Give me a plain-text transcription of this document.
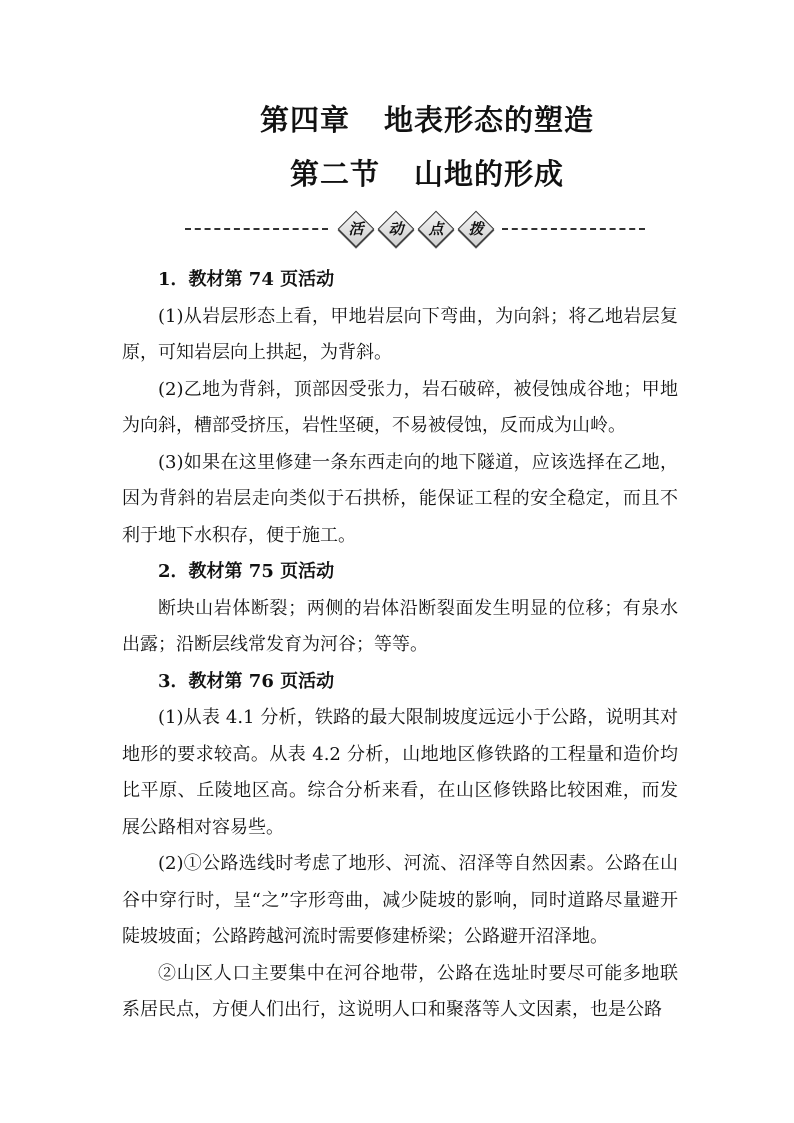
第四章 地表形态的塑造
第二节 山地的形成
活	动	点	拨

1．教材第 74 页活动

(1)从岩层形态上看，甲地岩层向下弯曲，为向斜；将乙地岩层复原，可知岩层向上拱起，为背斜。

(2)乙地为背斜，顶部因受张力，岩石破碎，被侵蚀成谷地；甲地为向斜，槽部受挤压，岩性坚硬，不易被侵蚀，反而成为山岭。

(3)如果在这里修建一条东西走向的地下隧道，应该选择在乙地，因为背斜的岩层走向类似于石拱桥，能保证工程的安全稳定，而且不利于地下水积存，便于施工。

2．教材第 75 页活动

断块山岩体断裂；两侧的岩体沿断裂面发生明显的位移；有泉水出露；沿断层线常发育为河谷；等等。

3．教材第 76 页活动

(1)从表 4.1 分析，铁路的最大限制坡度远远小于公路，说明其对地形的要求较高。从表 4.2 分析，山地地区修铁路的工程量和造价均比平原、丘陵地区高。综合分析来看，在山区修铁路比较困难，而发展公路相对容易些。

(2)①公路选线时考虑了地形、河流、沼泽等自然因素。公路在山谷中穿行时，呈“之”字形弯曲，减少陡坡的影响，同时道路尽量避开陡坡坡面；公路跨越河流时需要修建桥梁；公路避开沼泽地。

②山区人口主要集中在河谷地带，公路在选址时要尽可能多地联系居民点，方便人们出行，这说明人口和聚落等人文因素，也是公路
